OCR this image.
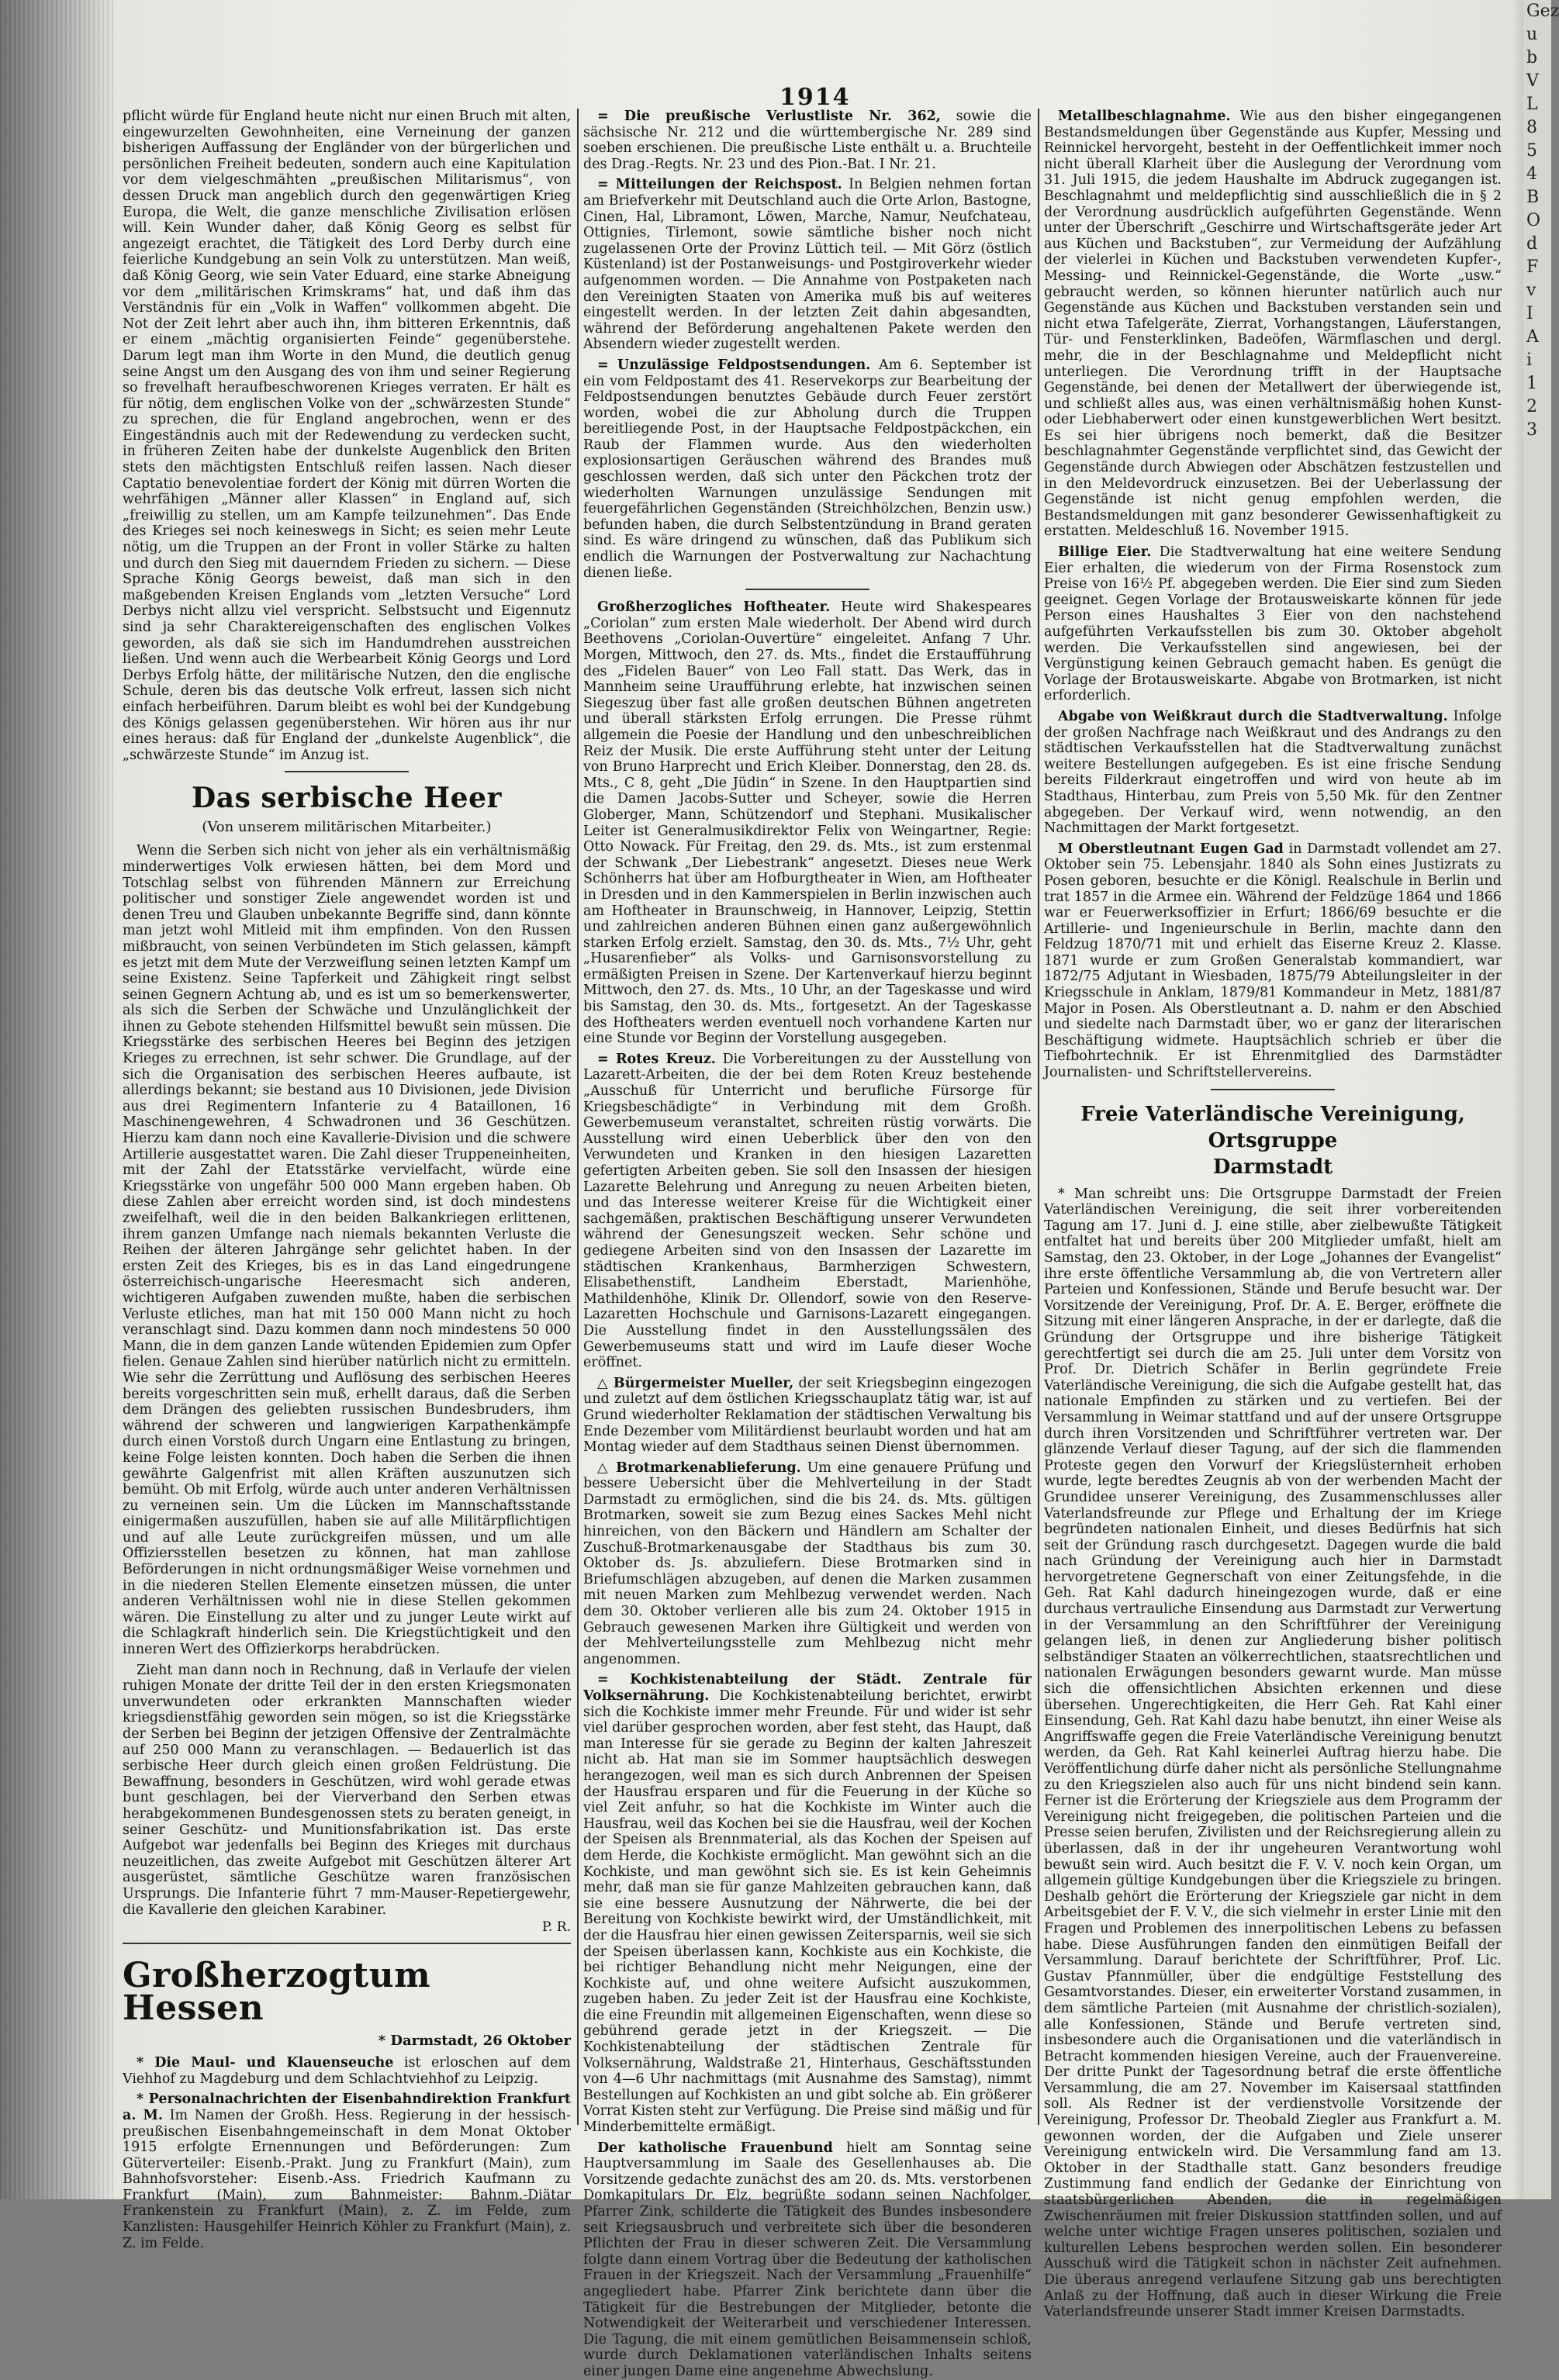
Gez
u
b
V
L
8
5
4
B
O
d
F
v
I
A
i
1
2
3
1914

pflicht würde für England heute nicht nur einen Bruch mit alten, eingewurzelten Gewohnheiten, eine Verneinung der ganzen bisherigen Auffassung der Engländer von der bürgerlichen und persönlichen Freiheit bedeuten, sondern auch eine Kapitulation vor dem vielgeschmähten „preußischen Militarismus“, von dessen Druck man angeblich durch den gegenwärtigen Krieg Europa, die Welt, die ganze menschliche Zivilisation erlösen will. Kein Wunder daher, daß König Georg es selbst für angezeigt erachtet, die Tätigkeit des Lord Derby durch eine feierliche Kundgebung an sein Volk zu unterstützen. Man weiß, daß König Georg, wie sein Vater Eduard, eine starke Abneigung vor dem „militärischen Krimskrams“ hat, und daß ihm das Verständnis für ein „Volk in Waffen“ vollkommen abgeht. Die Not der Zeit lehrt aber auch ihn, ihm bitteren Erkenntnis, daß er einem „mächtig organisierten Feinde“ gegenüberstehe. Darum legt man ihm Worte in den Mund, die deutlich genug seine Angst um den Ausgang des von ihm und seiner Regierung so frevelhaft heraufbeschworenen Krieges verraten. Er hält es für nötig, dem englischen Volke von der „schwärzesten Stunde“ zu sprechen, die für England angebrochen, wenn er des Eingeständnis auch mit der Redewendung zu verdecken sucht, in früheren Zeiten habe der dunkelste Augenblick den Briten stets den mächtigsten Entschluß reifen lassen. Nach dieser Captatio benevolentiae fordert der König mit dürren Worten die wehrfähigen „Männer aller Klassen“ in England auf, sich „freiwillig zu stellen, um am Kampfe teilzunehmen“. Das Ende des Krieges sei noch keineswegs in Sicht; es seien mehr Leute nötig, um die Truppen an der Front in voller Stärke zu halten und durch den Sieg mit dauerndem Frieden zu sichern. — Diese Sprache König Georgs beweist, daß man sich in den maßgebenden Kreisen Englands vom „letzten Versuche“ Lord Derbys nicht allzu viel verspricht. Selbstsucht und Eigennutz sind ja sehr Charaktereigenschaften des englischen Volkes geworden, als daß sie sich im Handumdrehen ausstreichen ließen. Und wenn auch die Werbearbeit König Georgs und Lord Derbys Erfolg hätte, der militärische Nutzen, den die englische Schule, deren bis das deutsche Volk erfreut, lassen sich nicht einfach herbeiführen. Darum bleibt es wohl bei der Kundgebung des Königs gelassen gegenüberstehen. Wir hören aus ihr nur eines heraus: daß für England der „dunkelste Augenblick“, die „schwärzeste Stunde“ im Anzug ist.

Das serbische Heer
(Von unserem militärischen Mitarbeiter.)

Wenn die Serben sich nicht von jeher als ein verhältnismäßig minderwertiges Volk erwiesen hätten, bei dem Mord und Totschlag selbst von führenden Männern zur Erreichung politischer und sonstiger Ziele angewendet worden ist und denen Treu und Glauben unbekannte Begriffe sind, dann könnte man jetzt wohl Mitleid mit ihm empfinden. Von den Russen mißbraucht, von seinen Verbündeten im Stich gelassen, kämpft es jetzt mit dem Mute der Verzweiflung seinen letzten Kampf um seine Existenz. Seine Tapferkeit und Zähigkeit ringt selbst seinen Gegnern Achtung ab, und es ist um so bemerkenswerter, als sich die Serben der Schwäche und Unzulänglichkeit der ihnen zu Gebote stehenden Hilfsmittel bewußt sein müssen. Die Kriegsstärke des serbischen Heeres bei Beginn des jetzigen Krieges zu errechnen, ist sehr schwer. Die Grundlage, auf der sich die Organisation des serbischen Heeres aufbaute, ist allerdings bekannt; sie bestand aus 10 Divisionen, jede Division aus drei Regimentern Infanterie zu 4 Bataillonen, 16 Maschinengewehren, 4 Schwadronen und 36 Geschützen. Hierzu kam dann noch eine Kavallerie-Division und die schwere Artillerie ausgestattet waren. Die Zahl dieser Truppeneinheiten, mit der Zahl der Etatsstärke vervielfacht, würde eine Kriegsstärke von ungefähr 500 000 Mann ergeben haben. Ob diese Zahlen aber erreicht worden sind, ist doch mindestens zweifelhaft, weil die in den beiden Balkankriegen erlittenen, ihrem ganzen Umfange nach niemals bekannten Verluste die Reihen der älteren Jahrgänge sehr gelichtet haben. In der ersten Zeit des Krieges, bis es in das Land eingedrungene österreichisch-ungarische Heeresmacht sich anderen, wichtigeren Aufgaben zuwenden mußte, haben die serbischen Verluste etliches, man hat mit 150 000 Mann nicht zu hoch veranschlagt sind. Dazu kommen dann noch mindestens 50 000 Mann, die in dem ganzen Lande wütenden Epidemien zum Opfer fielen. Genaue Zahlen sind hierüber natürlich nicht zu ermitteln. Wie sehr die Zerrüttung und Auflösung des serbischen Heeres bereits vorgeschritten sein muß, erhellt daraus, daß die Serben dem Drängen des geliebten russischen Bundesbruders, ihm während der schweren und langwierigen Karpathenkämpfe durch einen Vorstoß durch Ungarn eine Entlastung zu bringen, keine Folge leisten konnten. Doch haben die Serben die ihnen gewährte Galgenfrist mit allen Kräften auszunutzen sich bemüht. Ob mit Erfolg, würde auch unter anderen Verhältnissen zu verneinen sein. Um die Lücken im Mannschaftsstande einigermaßen auszufüllen, haben sie auf alle Militärpflichtigen und auf alle Leute zurückgreifen müssen, und um alle Offiziersstellen besetzen zu können, hat man zahllose Beförderungen in nicht ordnungsmäßiger Weise vornehmen und in die niederen Stellen Elemente einsetzen müssen, die unter anderen Verhältnissen wohl nie in diese Stellen gekommen wären. Die Einstellung zu alter und zu junger Leute wirkt auf die Schlagkraft hinderlich sein. Die Kriegstüchtigkeit und den inneren Wert des Offizierkorps herabdrücken.

Zieht man dann noch in Rechnung, daß in Verlaufe der vielen ruhigen Monate der dritte Teil der in den ersten Kriegsmonaten unverwundeten oder erkrankten Mannschaften wieder kriegsdienstfähig geworden sein mögen, so ist die Kriegsstärke der Serben bei Beginn der jetzigen Offensive der Zentralmächte auf 250 000 Mann zu veranschlagen. — Bedauerlich ist das serbische Heer durch gleich einen großen Feldrüstung. Die Bewaffnung, besonders in Geschützen, wird wohl gerade etwas bunt geschlagen, bei der Vierverband den Serben etwas herabgekommenen Bundesgenossen stets zu beraten geneigt, in seiner Geschütz- und Munitionsfabrikation ist. Das erste Aufgebot war jedenfalls bei Beginn des Krieges mit durchaus neuzeitlichen, das zweite Aufgebot mit Geschützen älterer Art ausgerüstet, sämtliche Geschütze waren französischen Ursprungs. Die Infanterie führt 7 mm-Mauser-Repetiergewehr, die Kavallerie den gleichen Karabiner.

P. R.
Großherzogtum Hessen
* Darmstadt, 26 Oktober

* Die Maul- und Klauenseuche ist erloschen auf dem Viehhof zu Magdeburg und dem Schlachtviehhof zu Leipzig.

* Personalnachrichten der Eisenbahndirektion Frankfurt a. M. Im Namen der Großh. Hess. Regierung in der hessisch-preußischen Eisenbahngemeinschaft in dem Monat Oktober 1915 erfolgte Ernennungen und Beförderungen: Zum Güterverteiler: Eisenb.-Prakt. Jung zu Frankfurt (Main), zum Bahnhofsvorsteher: Eisenb.-Ass. Friedrich Kaufmann zu Frankfurt (Main), zum Bahnmeister: Bahnm.-Diätar Frankenstein zu Frankfurt (Main), z. Z. im Felde, zum Kanzlisten: Hausgehilfer Heinrich Köhler zu Frankfurt (Main), z. Z. im Felde.

= Die preußische Verlustliste Nr. 362, sowie die sächsische Nr. 212 und die württembergische Nr. 289 sind soeben erschienen. Die preußische Liste enthält u. a. Bruchteile des Drag.-Regts. Nr. 23 und des Pion.-Bat. I Nr. 21.

= Mitteilungen der Reichspost. In Belgien nehmen fortan am Briefverkehr mit Deutschland auch die Orte Arlon, Bastogne, Cinen, Hal, Libramont, Löwen, Marche, Namur, Neufchateau, Ottignies, Tirlemont, sowie sämtliche bisher noch nicht zugelassenen Orte der Provinz Lüttich teil. — Mit Görz (östlich Küstenland) ist der Postanweisungs- und Postgiroverkehr wieder aufgenommen worden. — Die Annahme von Postpaketen nach den Vereinigten Staaten von Amerika muß bis auf weiteres eingestellt werden. In der letzten Zeit dahin abgesandten, während der Beförderung angehaltenen Pakete werden den Absendern wieder zugestellt werden.

= Unzulässige Feldpostsendungen. Am 6. September ist ein vom Feldpostamt des 41. Reservekorps zur Bearbeitung der Feldpostsendungen benutztes Gebäude durch Feuer zerstört worden, wobei die zur Abholung durch die Truppen bereitliegende Post, in der Hauptsache Feldpostpäckchen, ein Raub der Flammen wurde. Aus den wiederholten explosionsartigen Geräuschen während des Brandes muß geschlossen werden, daß sich unter den Päckchen trotz der wiederholten Warnungen unzulässige Sendungen mit feuergefährlichen Gegenständen (Streichhölzchen, Benzin usw.) befunden haben, die durch Selbstentzündung in Brand geraten sind. Es wäre dringend zu wünschen, daß das Publikum sich endlich die Warnungen der Postverwaltung zur Nachachtung dienen ließe.

Großherzogliches Hoftheater. Heute wird Shakespeares „Coriolan“ zum ersten Male wiederholt. Der Abend wird durch Beethovens „Coriolan-Ouvertüre“ eingeleitet. Anfang 7 Uhr. Morgen, Mittwoch, den 27. ds. Mts., findet die Erstaufführung des „Fidelen Bauer“ von Leo Fall statt. Das Werk, das in Mannheim seine Uraufführung erlebte, hat inzwischen seinen Siegeszug über fast alle großen deutschen Bühnen angetreten und überall stärksten Erfolg errungen. Die Presse rühmt allgemein die Poesie der Handlung und den unbeschreiblichen Reiz der Musik. Die erste Aufführung steht unter der Leitung von Bruno Harprecht und Erich Kleiber. Donnerstag, den 28. ds. Mts., C 8, geht „Die Jüdin“ in Szene. In den Hauptpartien sind die Damen Jacobs-Sutter und Scheyer, sowie die Herren Globerger, Mann, Schützendorf und Stephani. Musikalischer Leiter ist Generalmusikdirektor Felix von Weingartner, Regie: Otto Nowack. Für Freitag, den 29. ds. Mts., ist zum erstenmal der Schwank „Der Liebestrank“ angesetzt. Dieses neue Werk Schönherrs hat über am Hofburgtheater in Wien, am Hoftheater in Dresden und in den Kammerspielen in Berlin inzwischen auch am Hoftheater in Braunschweig, in Hannover, Leipzig, Stettin und zahlreichen anderen Bühnen einen ganz außergewöhnlich starken Erfolg erzielt. Samstag, den 30. ds. Mts., 7½ Uhr, geht „Husarenfieber“ als Volks- und Garnisonsvorstellung zu ermäßigten Preisen in Szene. Der Kartenverkauf hierzu beginnt Mittwoch, den 27. ds. Mts., 10 Uhr, an der Tageskasse und wird bis Samstag, den 30. ds. Mts., fortgesetzt. An der Tageskasse des Hoftheaters werden eventuell noch vorhandene Karten nur eine Stunde vor Beginn der Vorstellung ausgegeben.

= Rotes Kreuz. Die Vorbereitungen zu der Ausstellung von Lazarett-Arbeiten, die der bei dem Roten Kreuz bestehende „Ausschuß für Unterricht und berufliche Fürsorge für Kriegsbeschädigte“ in Verbindung mit dem Großh. Gewerbemuseum veranstaltet, schreiten rüstig vorwärts. Die Ausstellung wird einen Ueberblick über den von den Verwundeten und Kranken in den hiesigen Lazaretten gefertigten Arbeiten geben. Sie soll den Insassen der hiesigen Lazarette Belehrung und Anregung zu neuen Arbeiten bieten, und das Interesse weiterer Kreise für die Wichtigkeit einer sachgemäßen, praktischen Beschäftigung unserer Verwundeten während der Genesungszeit wecken. Sehr schöne und gediegene Arbeiten sind von den Insassen der Lazarette im städtischen Krankenhaus, Barmherzigen Schwestern, Elisabethenstift, Landheim Eberstadt, Marienhöhe, Mathildenhöhe, Klinik Dr. Ollendorf, sowie von den Reserve-Lazaretten Hochschule und Garnisons-Lazarett eingegangen. Die Ausstellung findet in den Ausstellungssälen des Gewerbemuseums statt und wird im Laufe dieser Woche eröffnet.

△ Bürgermeister Mueller, der seit Kriegsbeginn eingezogen und zuletzt auf dem östlichen Kriegsschauplatz tätig war, ist auf Grund wiederholter Reklamation der städtischen Verwaltung bis Ende Dezember vom Militärdienst beurlaubt worden und hat am Montag wieder auf dem Stadthaus seinen Dienst übernommen.

△ Brotmarkenablieferung. Um eine genauere Prüfung und bessere Uebersicht über die Mehlverteilung in der Stadt Darmstadt zu ermöglichen, sind die bis 24. ds. Mts. gültigen Brotmarken, soweit sie zum Bezug eines Sackes Mehl nicht hinreichen, von den Bäckern und Händlern am Schalter der Zuschuß-Brotmarkenausgabe der Stadthaus bis zum 30. Oktober ds. Js. abzuliefern. Diese Brotmarken sind in Briefumschlägen abzugeben, auf denen die Marken zusammen mit neuen Marken zum Mehlbezug verwendet werden. Nach dem 30. Oktober verlieren alle bis zum 24. Oktober 1915 in Gebrauch gewesenen Marken ihre Gültigkeit und werden von der Mehlverteilungsstelle zum Mehlbezug nicht mehr angenommen.

= Kochkistenabteilung der Städt. Zentrale für Volksernährung. Die Kochkistenabteilung berichtet, erwirbt sich die Kochkiste immer mehr Freunde. Für und wider ist sehr viel darüber gesprochen worden, aber fest steht, das Haupt, daß man Interesse für sie gerade zu Beginn der kalten Jahreszeit nicht ab. Hat man sie im Sommer hauptsächlich deswegen herangezogen, weil man es sich durch Anbrennen der Speisen der Hausfrau ersparen und für die Feuerung in der Küche so viel Zeit anfuhr, so hat die Kochkiste im Winter auch die Hausfrau, weil das Kochen bei sie die Hausfrau, weil der Kochen der Speisen als Brennmaterial, als das Kochen der Speisen auf dem Herde, die Kochkiste ermöglicht. Man gewöhnt sich an die Kochkiste, und man gewöhnt sich sie. Es ist kein Geheimnis mehr, daß man sie für ganze Mahlzeiten gebrauchen kann, daß sie eine bessere Ausnutzung der Nährwerte, die bei der Bereitung von Kochkiste bewirkt wird, der Umständlichkeit, mit der die Hausfrau hier einen gewissen Zeitersparnis, weil sie sich der Speisen überlassen kann, Kochkiste aus ein Kochkiste, die bei richtiger Behandlung nicht mehr Neigungen, eine der Kochkiste auf, und ohne weitere Aufsicht auszukommen, zugeben haben. Zu jeder Zeit ist der Hausfrau eine Kochkiste, die eine Freundin mit allgemeinen Eigenschaften, wenn diese so gebührend gerade jetzt in der Kriegszeit. — Die Kochkistenabteilung der städtischen Zentrale für Volksernährung, Waldstraße 21, Hinterhaus, Geschäftsstunden von 4—6 Uhr nachmittags (mit Ausnahme des Samstag), nimmt Bestellungen auf Kochkisten an und gibt solche ab. Ein größerer Vorrat Kisten steht zur Verfügung. Die Preise sind mäßig und für Minderbemittelte ermäßigt.

Der katholische Frauenbund hielt am Sonntag seine Hauptversammlung im Saale des Gesellenhauses ab. Die Vorsitzende gedachte zunächst des am 20. ds. Mts. verstorbenen Domkapitulars Dr. Elz, begrüßte sodann seinen Nachfolger, Pfarrer Zink, schilderte die Tätigkeit des Bundes insbesondere seit Kriegsausbruch und verbreitete sich über die besonderen Pflichten der Frau in dieser schweren Zeit. Die Versammlung folgte dann einem Vortrag über die Bedeutung der katholischen Frauen in der Kriegszeit. Nach der Versammlung „Frauenhilfe“ angegliedert habe. Pfarrer Zink berichtete dann über die Tätigkeit für die Bestrebungen der Mitglieder, betonte die Notwendigkeit der Weiterarbeit und verschiedener Interessen. Die Tagung, die mit einem gemütlichen Beisammensein schloß, wurde durch Deklamationen vaterländischen Inhalts seitens einer jungen Dame eine angenehme Abwechslung.

Metallbeschlagnahme. Wie aus den bisher eingegangenen Bestandsmeldungen über Gegenstände aus Kupfer, Messing und Reinnickel hervorgeht, besteht in der Oeffentlichkeit immer noch nicht überall Klarheit über die Auslegung der Verordnung vom 31. Juli 1915, die jedem Haushalte im Abdruck zugegangen ist. Beschlagnahmt und meldepflichtig sind ausschließlich die in § 2 der Verordnung ausdrücklich aufgeführten Gegenstände. Wenn unter der Überschrift „Geschirre und Wirtschaftsgeräte jeder Art aus Küchen und Backstuben“, zur Vermeidung der Aufzählung der vielerlei in Küchen und Backstuben verwendeten Kupfer-, Messing- und Reinnickel-Gegenstände, die Worte „usw.“ gebraucht werden, so können hierunter natürlich auch nur Gegenstände aus Küchen und Backstuben verstanden sein und nicht etwa Tafelgeräte, Zierrat, Vorhangstangen, Läuferstangen, Tür- und Fensterklinken, Badeöfen, Wärmflaschen und dergl. mehr, die in der Beschlagnahme und Meldepflicht nicht unterliegen. Die Verordnung trifft in der Hauptsache Gegenstände, bei denen der Metallwert der überwiegende ist, und schließt alles aus, was einen verhältnismäßig hohen Kunst- oder Liebhaberwert oder einen kunstgewerblichen Wert besitzt. Es sei hier übrigens noch bemerkt, daß die Besitzer beschlagnahmter Gegenstände verpflichtet sind, das Gewicht der Gegenstände durch Abwiegen oder Abschätzen festzustellen und in den Meldevordruck einzusetzen. Bei der Ueberlassung der Gegenstände ist nicht genug empfohlen werden, die Bestandsmeldungen mit ganz besonderer Gewissenhaftigkeit zu erstatten. Meldeschluß 16. November 1915.

Billige Eier. Die Stadtverwaltung hat eine weitere Sendung Eier erhalten, die wiederum von der Firma Rosenstock zum Preise von 16½ Pf. abgegeben werden. Die Eier sind zum Sieden geeignet. Gegen Vorlage der Brotausweiskarte können für jede Person eines Haushaltes 3 Eier von den nachstehend aufgeführten Verkaufsstellen bis zum 30. Oktober abgeholt werden. Die Verkaufsstellen sind angewiesen, bei der Vergünstigung keinen Gebrauch gemacht haben. Es genügt die Vorlage der Brotausweiskarte. Abgabe von Brotmarken, ist nicht erforderlich.

Abgabe von Weißkraut durch die Stadtverwaltung. Infolge der großen Nachfrage nach Weißkraut und des Andrangs zu den städtischen Verkaufsstellen hat die Stadtverwaltung zunächst weitere Bestellungen aufgegeben. Es ist eine frische Sendung bereits Filderkraut eingetroffen und wird von heute ab im Stadthaus, Hinterbau, zum Preis von 5,50 Mk. für den Zentner abgegeben. Der Verkauf wird, wenn notwendig, an den Nachmittagen der Markt fortgesetzt.

M Oberstleutnant Eugen Gad in Darmstadt vollendet am 27. Oktober sein 75. Lebensjahr. 1840 als Sohn eines Justizrats zu Posen geboren, besuchte er die Königl. Realschule in Berlin und trat 1857 in die Armee ein. Während der Feldzüge 1864 und 1866 war er Feuerwerksoffizier in Erfurt; 1866/69 besuchte er die Artillerie- und Ingenieurschule in Berlin, machte dann den Feldzug 1870/71 mit und erhielt das Eiserne Kreuz 2. Klasse. 1871 wurde er zum Großen Generalstab kommandiert, war 1872/75 Adjutant in Wiesbaden, 1875/79 Abteilungsleiter in der Kriegsschule in Anklam, 1879/81 Kommandeur in Metz, 1881/87 Major in Posen. Als Oberstleutnant a. D. nahm er den Abschied und siedelte nach Darmstadt über, wo er ganz der literarischen Beschäftigung widmete. Hauptsächlich schrieb er über die Tiefbohrtechnik. Er ist Ehrenmitglied des Darmstädter Journalisten- und Schriftstellervereins.

Freie Vaterländische Vereinigung, Ortsgruppe
Darmstadt

* Man schreibt uns: Die Ortsgruppe Darmstadt der Freien Vaterländischen Vereinigung, die seit ihrer vorbereitenden Tagung am 17. Juni d. J. eine stille, aber zielbewußte Tätigkeit entfaltet hat und bereits über 200 Mitglieder umfaßt, hielt am Samstag, den 23. Oktober, in der Loge „Johannes der Evangelist“ ihre erste öffentliche Versammlung ab, die von Vertretern aller Parteien und Konfessionen, Stände und Berufe besucht war. Der Vorsitzende der Vereinigung, Prof. Dr. A. E. Berger, eröffnete die Sitzung mit einer längeren Ansprache, in der er darlegte, daß die Gründung der Ortsgruppe und ihre bisherige Tätigkeit gerechtfertigt sei durch die am 25. Juli unter dem Vorsitz von Prof. Dr. Dietrich Schäfer in Berlin gegründete Freie Vaterländische Vereinigung, die sich die Aufgabe gestellt hat, das nationale Empfinden zu stärken und zu vertiefen. Bei der Versammlung in Weimar stattfand und auf der unsere Ortsgruppe durch ihren Vorsitzenden und Schriftführer vertreten war. Der glänzende Verlauf dieser Tagung, auf der sich die flammenden Proteste gegen den Vorwurf der Kriegslüsternheit erhoben wurde, legte beredtes Zeugnis ab von der werbenden Macht der Grundidee unserer Vereinigung, des Zusammenschlusses aller Vaterlandsfreunde zur Pflege und Erhaltung der im Kriege begründeten nationalen Einheit, und dieses Bedürfnis hat sich seit der Gründung rasch durchgesetzt. Dagegen wurde die bald nach Gründung der Vereinigung auch hier in Darmstadt hervorgetretene Gegnerschaft von einer Zeitungsfehde, in die Geh. Rat Kahl dadurch hineingezogen wurde, daß er eine durchaus vertrauliche Einsendung aus Darmstadt zur Verwertung in der Versammlung an den Schriftführer der Vereinigung gelangen ließ, in denen zur Angliederung bisher politisch selbständiger Staaten an völkerrechtlichen, staatsrechtlichen und nationalen Erwägungen besonders gewarnt wurde. Man müsse sich die offensichtlichen Absichten erkennen und diese übersehen. Ungerechtigkeiten, die Herr Geh. Rat Kahl einer Einsendung, Geh. Rat Kahl dazu habe benutzt, ihn einer Weise als Angriffswaffe gegen die Freie Vaterländische Vereinigung benutzt werden, da Geh. Rat Kahl keinerlei Auftrag hierzu habe. Die Veröffentlichung dürfe daher nicht als persönliche Stellungnahme zu den Kriegszielen also auch für uns nicht bindend sein kann. Ferner ist die Erörterung der Kriegsziele aus dem Programm der Vereinigung nicht freigegeben, die politischen Parteien und die Presse seien berufen, Zivilisten und der Reichsregierung allein zu überlassen, daß in der ihr ungeheuren Verantwortung wohl bewußt sein wird. Auch besitzt die F. V. V. noch kein Organ, um allgemein gültige Kundgebungen über die Kriegsziele zu bringen. Deshalb gehört die Erörterung der Kriegsziele gar nicht in dem Arbeitsgebiet der F. V. V., die sich vielmehr in erster Linie mit den Fragen und Problemen des innerpolitischen Lebens zu befassen habe. Diese Ausführungen fanden den einmütigen Beifall der Versammlung. Darauf berichtete der Schriftführer, Prof. Lic. Gustav Pfannmüller, über die endgültige Feststellung des Gesamtvorstandes. Dieser, ein erweiterter Vorstand zusammen, in dem sämtliche Parteien (mit Ausnahme der christlich-sozialen), alle Konfessionen, Stände und Berufe vertreten sind, insbesondere auch die Organisationen und die vaterländisch in Betracht kommenden hiesigen Vereine, auch der Frauenvereine. Der dritte Punkt der Tagesordnung betraf die erste öffentliche Versammlung, die am 27. November im Kaisersaal stattfinden soll. Als Redner ist der verdienstvolle Vorsitzende der Vereinigung, Professor Dr. Theobald Ziegler aus Frankfurt a. M. gewonnen worden, der die Aufgaben und Ziele unserer Vereinigung entwickeln wird. Die Versammlung fand am 13. Oktober in der Stadthalle statt. Ganz besonders freudige Zustimmung fand endlich der Gedanke der Einrichtung von staatsbürgerlichen Abenden, die in regelmäßigen Zwischenräumen mit freier Diskussion stattfinden sollen, und auf welche unter wichtige Fragen unseres politischen, sozialen und kulturellen Lebens besprochen werden sollen. Ein besonderer Ausschuß wird die Tätigkeit schon in nächster Zeit aufnehmen. Die überaus anregend verlaufene Sitzung gab uns berechtigten Anlaß zu der Hoffnung, daß auch in dieser Wirkung die Freie Vaterlandsfreunde unserer Stadt immer Kreisen Darmstadts.
